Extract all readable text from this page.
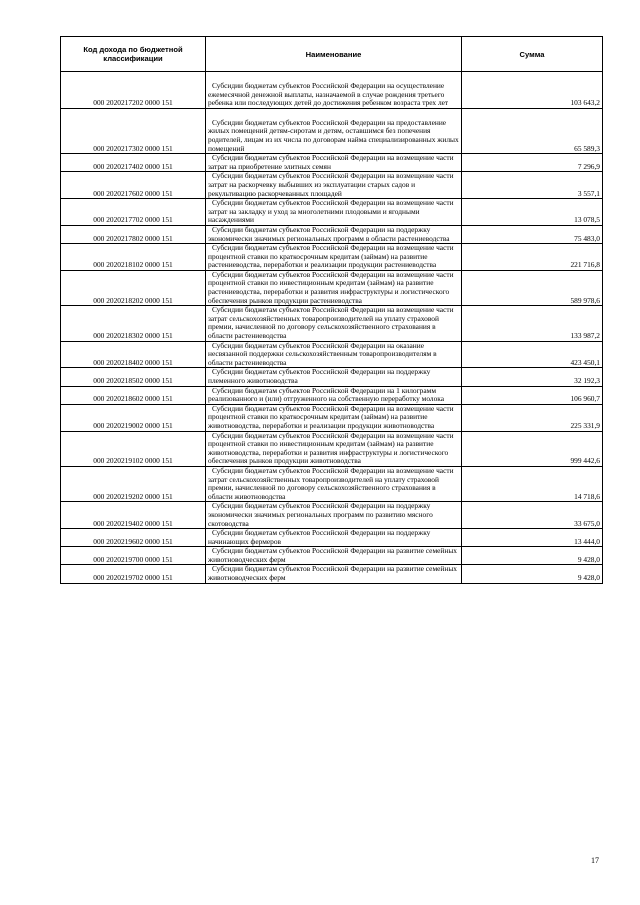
Код дохода по бюджетной классификации	Наименование	Сумма
000 2020217202 0000 151	Субсидии бюджетам субъектов Российской Федерации на осуществление ежемесячной денежной выплаты, назначаемой в случае рождения третьего ребенка или последующих детей до достижения ребенком возраста трех лет	103 643,2
000 2020217302 0000 151	Субсидии бюджетам субъектов Российской Федерации на предоставление жилых помещений детям-сиротам и детям, оставшимся без попечения родителей, лицам из их числа по договорам найма специализированных жилых помещений	65 589,3
000 2020217402 0000 151	Субсидии бюджетам субъектов Российской Федерации на возмещение части затрат на приобретение элитных семян	7 296,9
000 2020217602 0000 151	Субсидии бюджетам субъектов Российской Федерации на возмещение части затрат на раскорчевку выбывших из эксплуатации старых садов и рекультивацию раскорчеванных площадей	3 557,1
000 2020217702 0000 151	Субсидии бюджетам субъектов Российской Федерации на возмещение части затрат на закладку и уход за многолетними плодовыми и ягодными насаждениями	13 078,5
000 2020217802 0000 151	Субсидии бюджетам субъектов Российской Федерации на поддержку экономически значимых региональных программ в области растениеводства	75 483,0
000 2020218102 0000 151	Субсидии бюджетам субъектов Российской Федерации на возмещение части процентной ставки по краткосрочным кредитам (займам) на развитие растениеводства, переработки и реализации продукции растениеводства	221 716,8
000 2020218202 0000 151	Субсидии бюджетам субъектов Российской Федерации на возмещение части процентной ставки по инвестиционным кредитам (займам) на развитие растениеводства, переработки и развития инфраструктуры и логистического обеспечения рынков продукции растениеводства	589 978,6
000 2020218302 0000 151	Субсидии бюджетам субъектов Российской Федерации на возмещение части затрат сельскохозяйственных товаропроизводителей на уплату страховой премии, начисленной по договору сельскохозяйственного страхования в области растениеводства	133 987,2
000 2020218402 0000 151	Субсидии бюджетам субъектов Российской Федерации на оказание несвязанной поддержки сельскохозяйственным товаропроизводителям в области растениеводства	423 450,1
000 2020218502 0000 151	Субсидии бюджетам субъектов Российской Федерации на поддержку племенного животноводства	32 192,3
000 2020218602 0000 151	Субсидии бюджетам субъектов Российской Федерации на 1 килограмм реализованного и (или) отгруженного на собственную переработку молока	106 960,7
000 2020219002 0000 151	Субсидии бюджетам субъектов Российской Федерации на возмещение части процентной ставки по краткосрочным кредитам (займам) на развитие животноводства, переработки и реализации продукции животноводства	225 331,9
000 2020219102 0000 151	Субсидии бюджетам субъектов Российской Федерации на возмещение части процентной ставки по инвестиционным кредитам (займам) на развитие животноводства, переработки и развития инфраструктуры и логистического обеспечения рынков продукции животноводства	999 442,6
000 2020219202 0000 151	Субсидии бюджетам субъектов Российской Федерации на возмещение части затрат сельскохозяйственных товаропроизводителей на уплату страховой премии, начисленной по договору сельскохозяйственного страхования в области животноводства	14 718,6
000 2020219402 0000 151	Субсидии бюджетам субъектов Российской Федерации на поддержку экономически значимых региональных программ по развитию мясного скотоводства	33 675,0
000 2020219602 0000 151	Субсидии бюджетам субъектов Российской Федерации на поддержку начинающих фермеров	13 444,0
000 2020219700 0000 151	Субсидии бюджетам субъектов Российской Федерации на развитие семейных животноводческих ферм	9 428,0
000 2020219702 0000 151	Субсидии бюджетам субъектов Российской Федерации на развитие семейных животноводческих ферм	9 428,0
17
